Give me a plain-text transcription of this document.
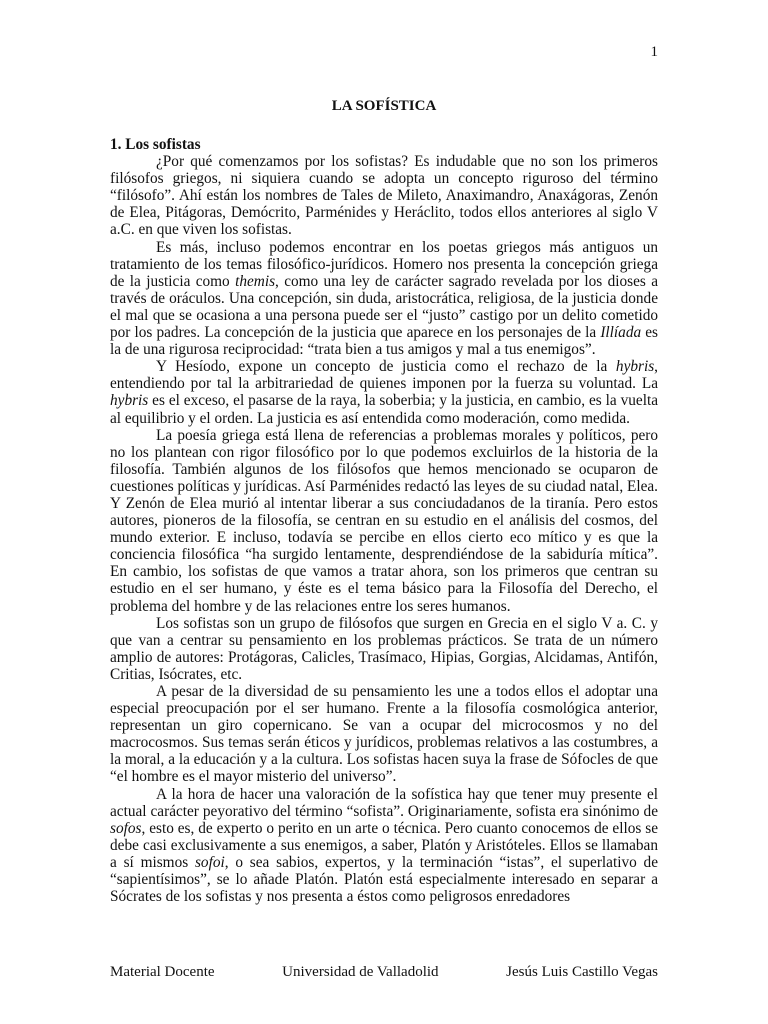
1
LA SOFÍSTICA
1. Los sofistas

¿Por qué comenzamos por los sofistas? Es indudable que no son los primeros filósofos griegos, ni siquiera cuando se adopta un concepto riguroso del término “filósofo”. Ahí están los nombres de Tales de Mileto, Anaximandro, Anaxágoras, Zenón de Elea, Pitágoras, Demócrito, Parménides y Heráclito, todos ellos anteriores al siglo V a.C. en que viven los sofistas.

Es más, incluso podemos encontrar en los poetas griegos más antiguos un tratamiento de los temas filosófico-jurídicos. Homero nos presenta la concepción griega de la justicia como themis, como una ley de carácter sagrado revelada por los dioses a través de oráculos. Una concepción, sin duda, aristocrática, religiosa, de la justicia donde el mal que se ocasiona a una persona puede ser el “justo” castigo por un delito cometido por los padres. La concepción de la justicia que aparece en los personajes de la Illíada es la de una rigurosa reciprocidad: “trata bien a tus amigos y mal a tus enemigos”.

Y Hesíodo, expone un concepto de justicia como el rechazo de la hybris, entendiendo por tal la arbitrariedad de quienes imponen por la fuerza su voluntad. La hybris es el exceso, el pasarse de la raya, la soberbia; y la justicia, en cambio, es la vuelta al equilibrio y el orden. La justicia es así entendida como moderación, como medida.

La poesía griega está llena de referencias a problemas morales y políticos, pero no los plantean con rigor filosófico por lo que podemos excluirlos de la historia de la filosofía. También algunos de los filósofos que hemos mencionado se ocuparon de cuestiones políticas y jurídicas. Así Parménides redactó las leyes de su ciudad natal, Elea. Y Zenón de Elea murió al intentar liberar a sus conciudadanos de la tiranía. Pero estos autores, pioneros de la filosofía, se centran en su estudio en el análisis del cosmos, del mundo exterior. E incluso, todavía se percibe en ellos cierto eco mítico y es que la conciencia filosófica “ha surgido lentamente, desprendiéndose de la sabiduría mítica”. En cambio, los sofistas de que vamos a tratar ahora, son los primeros que centran su estudio en el ser humano, y éste es el tema básico para la Filosofía del Derecho, el problema del hombre y de las relaciones entre los seres humanos.

Los sofistas son un grupo de filósofos que surgen en Grecia en el siglo V a. C. y que van a centrar su pensamiento en los problemas prácticos. Se trata de un número amplio de autores: Protágoras, Calicles, Trasímaco, Hipias, Gorgias, Alcidamas, Antifón, Critias, Isócrates, etc.

A pesar de la diversidad de su pensamiento les une a todos ellos el adoptar una especial preocupación por el ser humano. Frente a la filosofía cosmológica anterior, representan un giro copernicano. Se van a ocupar del microcosmos y no del macrocosmos. Sus temas serán éticos y jurídicos, problemas relativos a las costumbres, a la moral, a la educación y a la cultura. Los sofistas hacen suya la frase de Sófocles de que “el hombre es el mayor misterio del universo”.

A la hora de hacer una valoración de la sofística hay que tener muy presente el actual carácter peyorativo del término “sofista”. Originariamente, sofista era sinónimo de sofos, esto es, de experto o perito en un arte o técnica. Pero cuanto conocemos de ellos se debe casi exclusivamente a sus enemigos, a saber, Platón y Aristóteles. Ellos se llamaban a sí mismos sofoi, o sea sabios, expertos, y la terminación “istas”, el superlativo de “sapientísimos”, se lo añade Platón. Platón está especialmente interesado en separar a Sócrates de los sofistas y nos presenta a éstos como peligrosos enredadores

Material Docente	Universidad de Valladolid	Jesús Luis Castillo Vegas
